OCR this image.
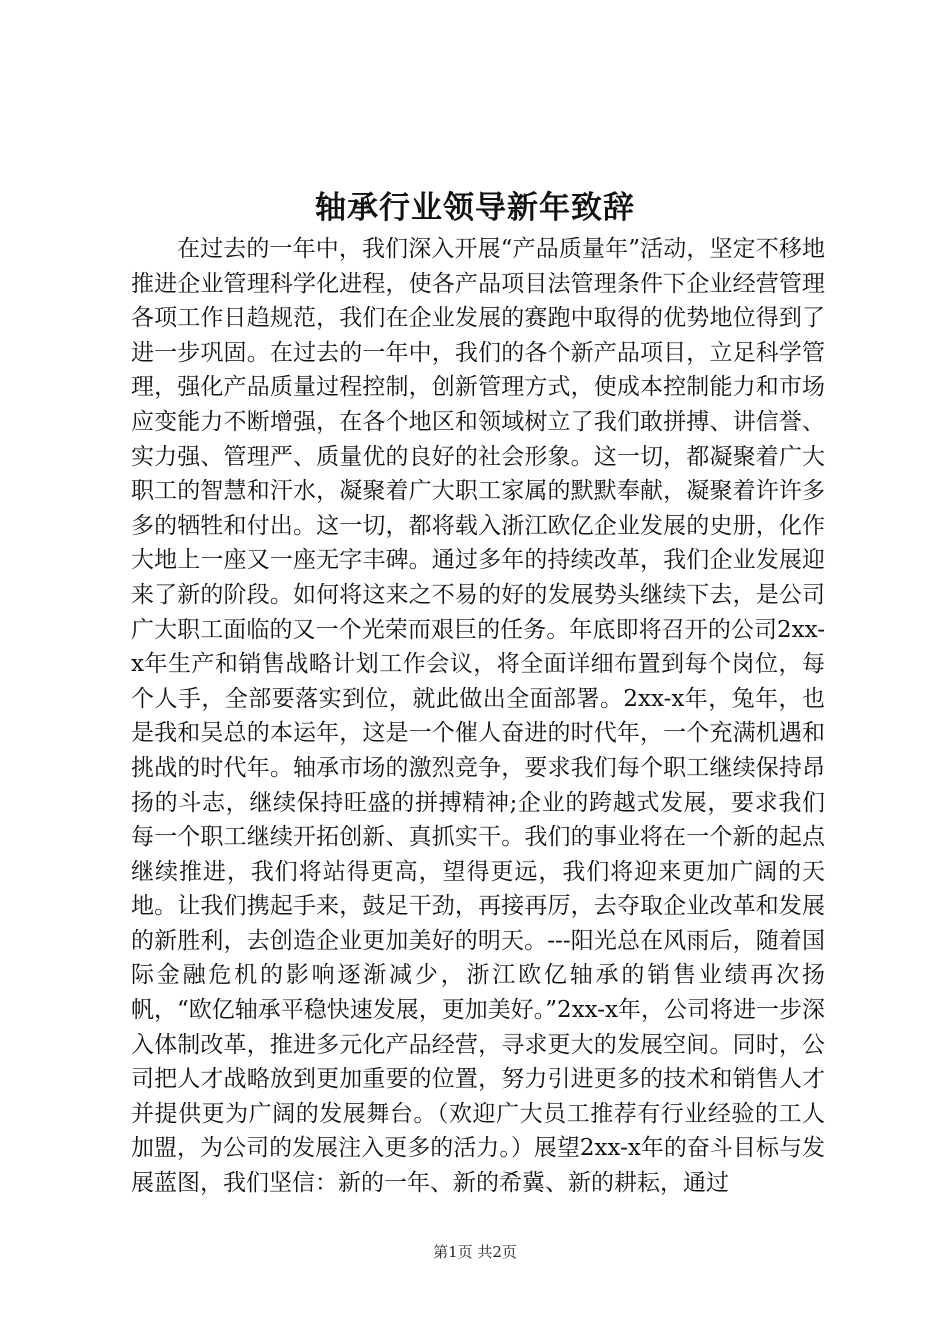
轴承行业领导新年致辞

在过去的一年中，我们深入开展“产品质量年”活动，坚定不移地推进企业管理科学化进程，使各产品项目法管理条件下企业经营管理各项工作日趋规范，我们在企业发展的赛跑中取得的优势地位得到了进一步巩固。在过去的一年中，我们的各个新产品项目，立足科学管理，强化产品质量过程控制，创新管理方式，使成本控制能力和市场应变能力不断增强，在各个地区和领域树立了我们敢拼搏、讲信誉、实力强、管理严、质量优的良好的社会形象。这一切，都凝聚着广大职工的智慧和汗水，凝聚着广大职工家属的默默奉献，凝聚着许许多多的牺牲和付出。这一切，都将载入浙江欧亿企业发展的史册，化作大地上一座又一座无字丰碑。通过多年的持续改革，我们企业发展迎来了新的阶段。如何将这来之不易的好的发展势头继续下去，是公司广大职工面临的又一个光荣而艰巨的任务。年底即将召开的公司2xx-x年生产和销售战略计划工作会议，将全面详细布置到每个岗位，每个人手，全部要落实到位，就此做出全面部署。2xx-x年，兔年，也是我和吴总的本运年，这是一个催人奋进的时代年，一个充满机遇和挑战的时代年。轴承市场的激烈竞争，要求我们每个职工继续保持昂扬的斗志，继续保持旺盛的拼搏精神;企业的跨越式发展，要求我们每一个职工继续开拓创新、真抓实干。我们的事业将在一个新的起点继续推进，我们将站得更高，望得更远，我们将迎来更加广阔的天地。让我们携起手来，鼓足干劲，再接再厉，去夺取企业改革和发展的新胜利，去创造企业更加美好的明天。---阳光总在风雨后，随着国际金融危机的影响逐渐减少，浙江欧亿轴承的销售业绩再次扬帆，“欧亿轴承平稳快速发展，更加美好。”2xx-x年，公司将进一步深入体制改革，推进多元化产品经营，寻求更大的发展空间。同时，公司把人才战略放到更加重要的位置，努力引进更多的技术和销售人才并提供更为广阔的发展舞台。（欢迎广大员工推荐有行业经验的工人加盟，为公司的发展注入更多的活力。）展望2xx-x年的奋斗目标与发展蓝图，我们坚信：新的一年、新的希冀、新的耕耘，通过

第1页 共2页
